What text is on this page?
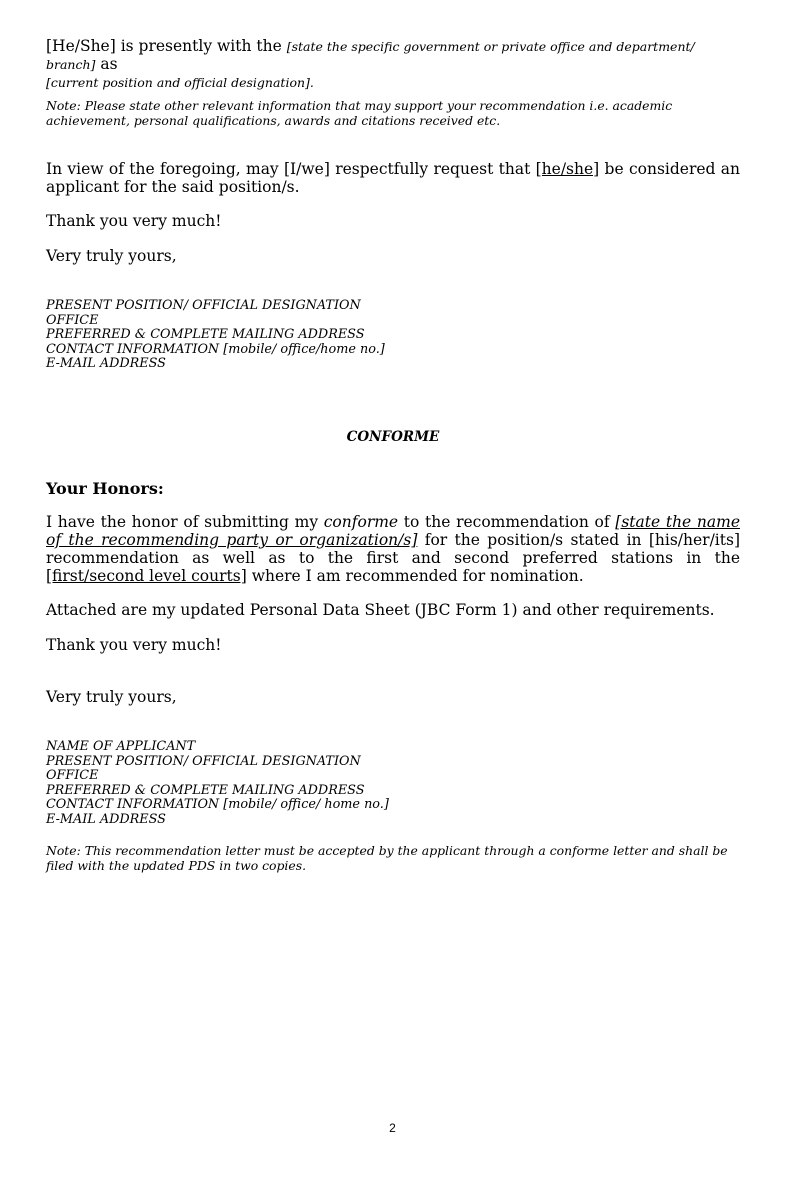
[He/She] is presently with the [state the specific government or private office and department/ branch] as
[current position and official designation].
Note: Please state other relevant information that may support your recommendation i.e. academic achievement, personal qualifications, awards and citations received etc.
In view of the foregoing, may [I/we] respectfully request that [he/she] be considered an applicant for the said position/s.
Thank you very much!
Very truly yours,
PRESENT POSITION/ OFFICIAL DESIGNATION
OFFICE
PREFERRED & COMPLETE MAILING ADDRESS
CONTACT INFORMATION [mobile/ office/home no.]
E-MAIL ADDRESS
CONFORME
Your Honors:
I have the honor of submitting my conforme to the recommendation of [state the name of the recommending party or organization/s] for the position/s stated in [his/her/its] recommendation as well as to the first and second preferred stations in the [first/second level courts] where I am recommended for nomination.
Attached are my updated Personal Data Sheet (JBC Form 1) and other requirements.
Thank you very much!
Very truly yours,
NAME OF APPLICANT
PRESENT POSITION/ OFFICIAL DESIGNATION
OFFICE
PREFERRED & COMPLETE MAILING ADDRESS
CONTACT INFORMATION [mobile/ office/ home no.]
E-MAIL ADDRESS
Note: This recommendation letter must be accepted by the applicant through a conforme letter and shall be filed with the updated PDS in two copies.
2
